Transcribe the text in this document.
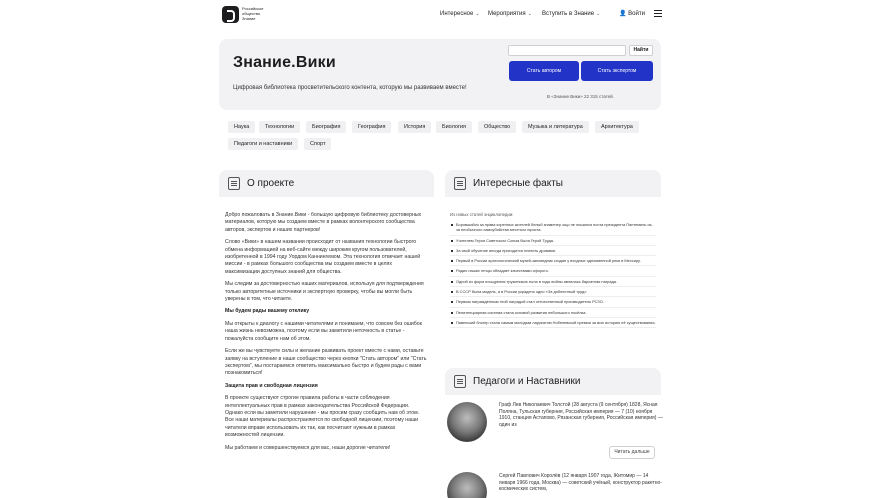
Российское
общество
Знание
Интересное ⌄ Мероприятия ⌄ Вступить в Знание ⌄	👤 Войти
Знание.Вики
Цифровая библиотека просветительского контента, которую мы развиваем вместе!
Найти
Стать автором	Стать экспертом
В «Знание.Вики» 22 315 статей.
Наука	Технологии	Биография	География	История	Биология	Общество	Музыка и литература	Архитектура
Педагоги и наставники	Спорт
О проекте

Добро пожаловать в Знание.Вики - большую цифровую библиотеку достоверных материалов, которую мы создаем вместе в рамках волонтерского сообщества авторов, экспертов и наших партнеров!

Слово «Вики» в нашем названии происходит от названия технологии быстрого обмена информацией на веб-сайте между широким кругом пользователей, изобретенной в 1994 году Уордом Каннингемом. Эта технология отвечает нашей миссии - в рамках большого сообщества мы создаем вместе в целях максимизации доступных знаний для общества.

Мы следим за достоверностью наших материалов, используя для подтверждения только авторитетные источники и экспертную проверку, чтобы вы могли быть уверены в том, что читаете.

Мы будем рады вашему отклику

Мы открыты к диалогу с нашими читателями и понимаем, что совсем без ошибок наша жизнь невозможна, поэтому если вы заметили неточность в статье - пожалуйста сообщите нам об этом.

Если же вы чувствуете силы и желание развивать проект вместе с нами, оставьте заявку на вступление в наше сообщество через кнопки "Стать автором" или "Стать экспертом", мы постараемся ответить максимально быстро и будем рады с вами познакомиться!

Защита прав и свободная лицензия

В проекте существуют строгие правила работы в части соблюдения интеллектуальных прав в рамках законодательства Российской Федерации. Однако если вы заметили нарушение - мы просим сразу сообщить нам об этом. Все наши материалы распространяются по свободной лицензии, поэтому наши читатели вправе использовать их так, как посчитают нужным в рамках возможностей лицензии.

Мы работаем и совершенствуемся для вас, наши дорогие читатели!

Интересные факты
Из новых статей энциклопедии:
Боровшийся за права коренных жителей белый знаменер ощо не лишился поста президента Пантемиль из-за необычного самоубийства местного юриста.
Учителем Героя Советского Союза была Герой Труда.
За свой обучение иногда приходится платить дровами.
Первый в России археологический музей-заповедник создан у входных одноименной реки в Мессиру.
Радио наших генцы обладает качествами сфорогo.
Одной из форм поощрения тружеников тыла в годы войны являлась бархатная награда.
В СССР была модель, а в России украдено одно «За доблестный труд».
Первым награждённым этой наградой стал отечественный производитель РСЗО.
Пенитенциарная система стала основой развития небольшого посёлка.
Павелский блогер стала самым молодым лауреатом Нобелевской премии за всю историю её существования.
Педагоги и Наставники
Граф Лев Николаевич Толстой (28 августа (9 сентября) 1828, Ясная Поляна, Тульская губерния, Российская империя — 7 (10) ноября 1910, станция Астапово, Рязанская губерния, Российская империя) — один из
Читать дальше
Сергей Павлович Королёв (12 января 1907 года, Житомир — 14 января 1966 года, Москва) — советский учёный, конструктор ракетно-космических систем,
